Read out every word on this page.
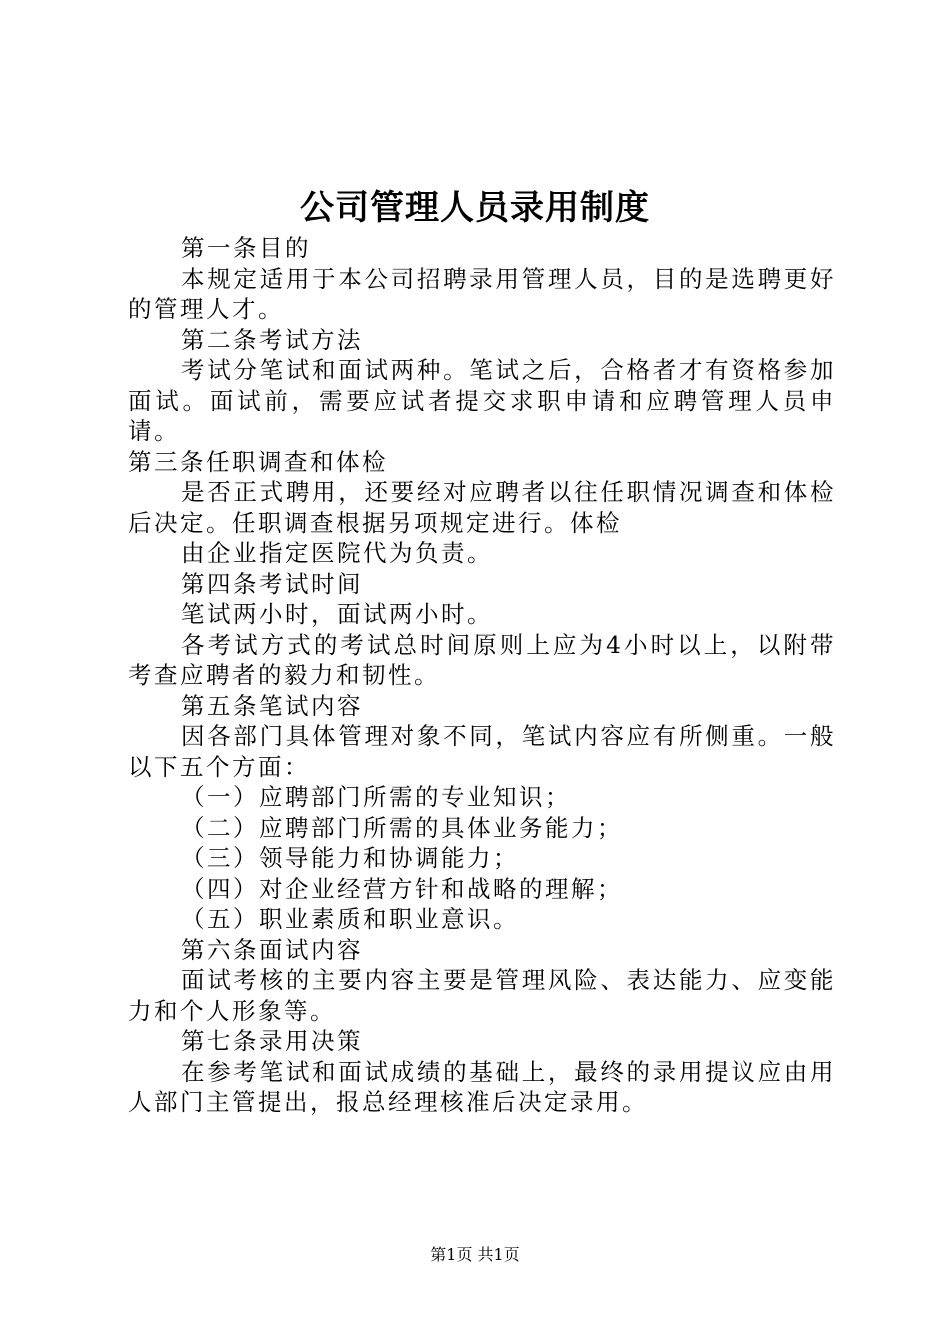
公司管理人员录用制度

第一条目的

本规定适用于本公司招聘录用管理人员，目的是选聘更好的管理人才。

第二条考试方法

考试分笔试和面试两种。笔试之后，合格者才有资格参加面试。面试前，需要应试者提交求职申请和应聘管理人员申请。

第三条任职调查和体检

是否正式聘用，还要经对应聘者以往任职情况调查和体检后决定。任职调查根据另项规定进行。体检

由企业指定医院代为负责。

第四条考试时间

笔试两小时，面试两小时。

各考试方式的考试总时间原则上应为4小时以上，以附带考查应聘者的毅力和韧性。

第五条笔试内容

因各部门具体管理对象不同，笔试内容应有所侧重。一般以下五个方面：

（一）应聘部门所需的专业知识；

（二）应聘部门所需的具体业务能力；

（三）领导能力和协调能力；

（四）对企业经营方针和战略的理解；

（五）职业素质和职业意识。

第六条面试内容

面试考核的主要内容主要是管理风险、表达能力、应变能力和个人形象等。

第七条录用决策

在参考笔试和面试成绩的基础上，最终的录用提议应由用人部门主管提出，报总经理核准后决定录用。

第1页 共1页
